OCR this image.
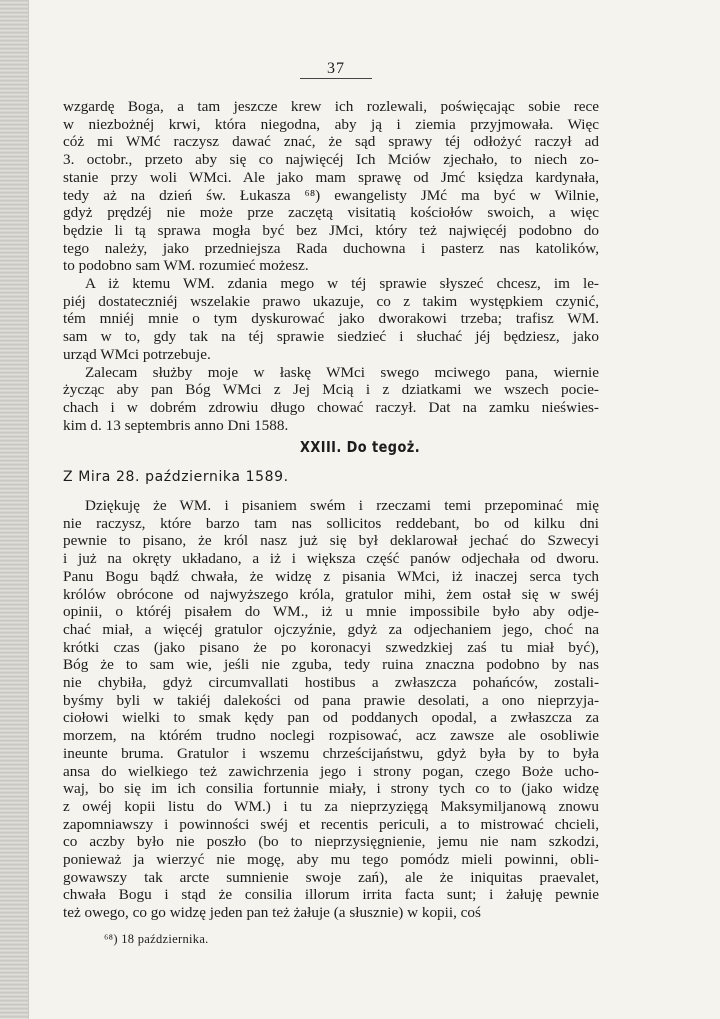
37
wzgardę Boga, a tam jeszcze krew ich rozlewali, poświęcając sobie rece
w niezbożnéj krwi, która niegodna, aby ją i ziemia przyjmowała. Więc
cóż mi WMć raczysz dawać znać, że sąd sprawy téj odłożyć raczył ad
3. octobr., przeto aby się co najwięcéj Ich Mciów zjechało, to niech zo-
stanie przy woli WMci. Ale jako mam sprawę od Jmć księdza kardynała,
tedy aż na dzień św. Łukasza ⁶⁸) ewangelisty JMć ma być w Wilnie,
gdyż prędzéj nie może prze zaczętą visitatią kościołów swoich, a więc
będzie li tą sprawa mogła być bez JMci, który też najwięcéj podobno do
tego należy, jako przedniejsza Rada duchowna i pasterz nas katolików,
to podobno sam WM. rozumieć możesz.
A iż ktemu WM. zdania mego w téj sprawie słyszeć chcesz, im le-
piéj dostateczniéj wszelakie prawo ukazuje, co z takim występkiem czynić,
tém mniéj mnie o tym dyskurować jako dworakowi trzeba; trafisz WM.
sam w to, gdy tak na téj sprawie siedzieć i słuchać jéj będziesz, jako
urząd WMci potrzebuje.
Zalecam służby moje w łaskę WMci swego mciwego pana, wiernie
życząc aby pan Bóg WMci z Jej Mcią i z dziatkami we wszech pocie-
chach i w dobrém zdrowiu długo chować raczył. Dat na zamku nieświes-
kim d. 13 septembris anno Dni 1588.
XXIII. Do tegoż.
Z Mira 28. października 1589.
Dziękuję że WM. i pisaniem swém i rzeczami temi przepominać mię
nie raczysz, które barzo tam nas sollicitos reddebant, bo od kilku dni
pewnie to pisano, że król nasz już się był deklarował jechać do Szwecyi
i już na okręty układano, a iż i większa część panów odjechała od dworu.
Panu Bogu bądź chwała, że widzę z pisania WMci, iż inaczej serca tych
królów obrócone od najwyższego króla, gratulor mihi, żem ostał się w swéj
opinii, o któréj pisałem do WM., iż u mnie impossibile było aby odje-
chać miał, a więcéj gratulor ojczyźnie, gdyż za odjechaniem jego, choć na
krótki czas (jako pisano że po koronacyi szwedzkiej zaś tu miał być),
Bóg że to sam wie, jeśli nie zguba, tedy ruina znaczna podobno by nas
nie chybiła, gdyż circumvallati hostibus a zwłaszcza pohańców, zostali-
byśmy byli w takiéj dalekości od pana prawie desolati, a ono nieprzyja-
ciołowi wielki to smak kędy pan od poddanych opodal, a zwłaszcza za
morzem, na którém trudno noclegi rozpisować, acz zawsze ale osobliwie
ineunte bruma. Gratulor i wszemu chrześcijaństwu, gdyż była by to była
ansa do wielkiego też zawichrzenia jego i strony pogan, czego Boże ucho-
waj, bo się im ich consilia fortunnie miały, i strony tych co to (jako widzę
z owéj kopii listu do WM.) i tu za nieprzyzięgą Maksymiljanową znowu
zapomniawszy i powinności swéj et recentis periculi, a to mistrować chcieli,
co aczby było nie poszło (bo to nieprzysięgnienie, jemu nie nam szkodzi,
ponieważ ja wierzyć nie mogę, aby mu tego pomódz mieli powinni, obli-
gowawszy tak arcte sumnienie swoje zań), ale że iniquitas praevalet,
chwała Bogu i stąd że consilia illorum irrita facta sunt; i żałuję pewnie
też owego, co go widzę jeden pan też żałuje (a słusznie) w kopii, coś
⁶⁸) 18 października.
